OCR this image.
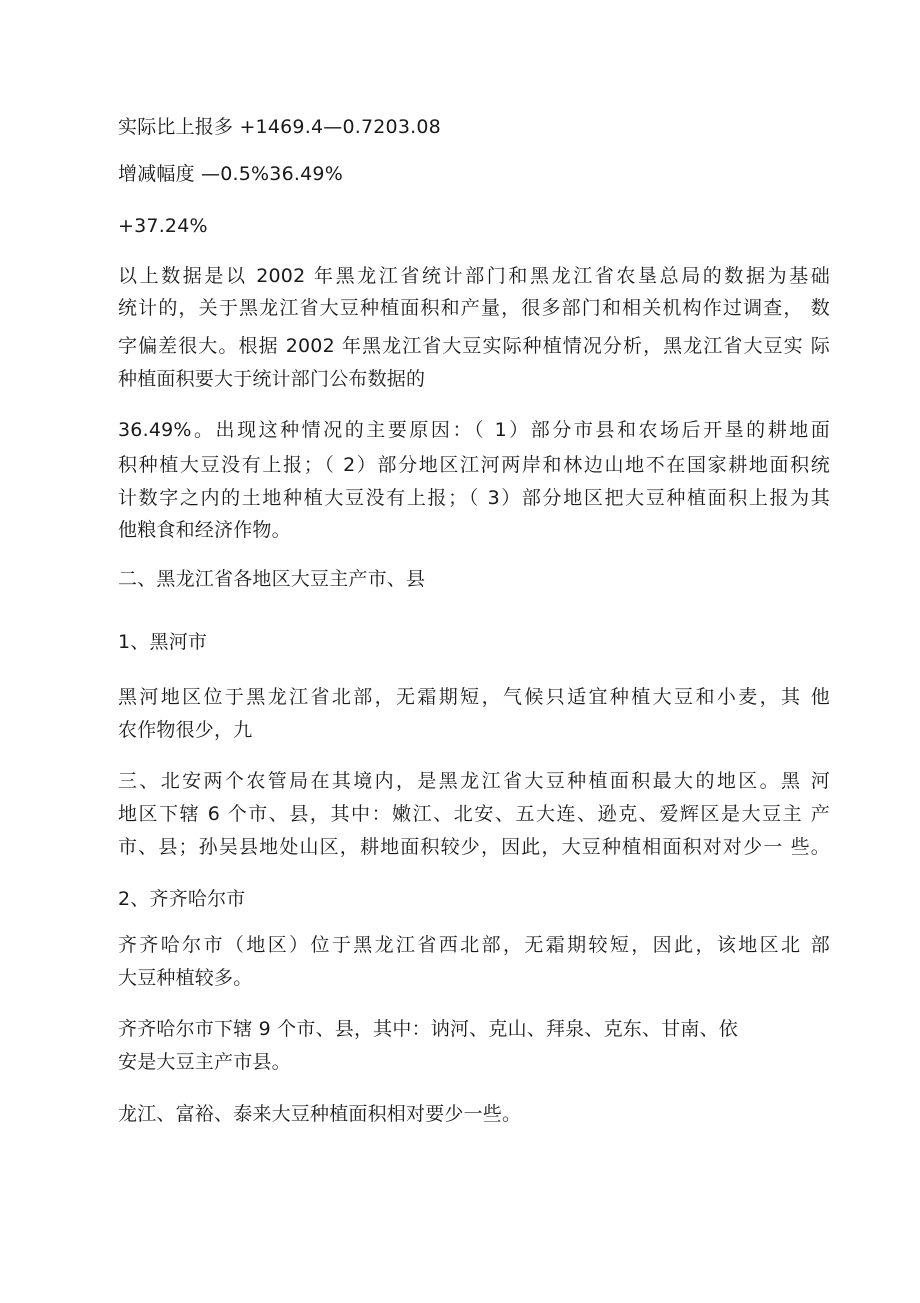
实际比上报多 +1469.4—0.7203.08
增减幅度 —0.5%36.49%
+37.24%
以上数据是以 2002 年黑龙江省统计部门和黑龙江省农垦总局的数据为基础
统计的，关于黑龙江省大豆种植面积和产量，很多部门和相关机构作过调查， 数
字偏差很大。根据 2002 年黑龙江省大豆实际种植情况分析，黑龙江省大豆实 际
种植面积要大于统计部门公布数据的
36.49%。出现这种情况的主要原因：（ 1）部分市县和农场后开垦的耕地面
积种植大豆没有上报；（ 2）部分地区江河两岸和林边山地不在国家耕地面积统
计数字之内的土地种植大豆没有上报；（ 3）部分地区把大豆种植面积上报为其
他粮食和经济作物。
二、黑龙江省各地区大豆主产市、县
1、黑河市
黑河地区位于黑龙江省北部，无霜期短，气候只适宜种植大豆和小麦，其 他
农作物很少，九
三、北安两个农管局在其境内，是黑龙江省大豆种植面积最大的地区。黑 河
地区下辖 6 个市、县，其中：嫩江、北安、五大连、逊克、爱辉区是大豆主 产
市、县；孙吴县地处山区，耕地面积较少，因此，大豆种植相面积对对少一 些。
2、齐齐哈尔市
齐齐哈尔市（地区）位于黑龙江省西北部，无霜期较短，因此，该地区北 部
大豆种植较多。
齐齐哈尔市下辖 9 个市、县，其中：讷河、克山、拜泉、克东、甘南、依
安是大豆主产市县。
龙江、富裕、泰来大豆种植面积相对要少一些。
